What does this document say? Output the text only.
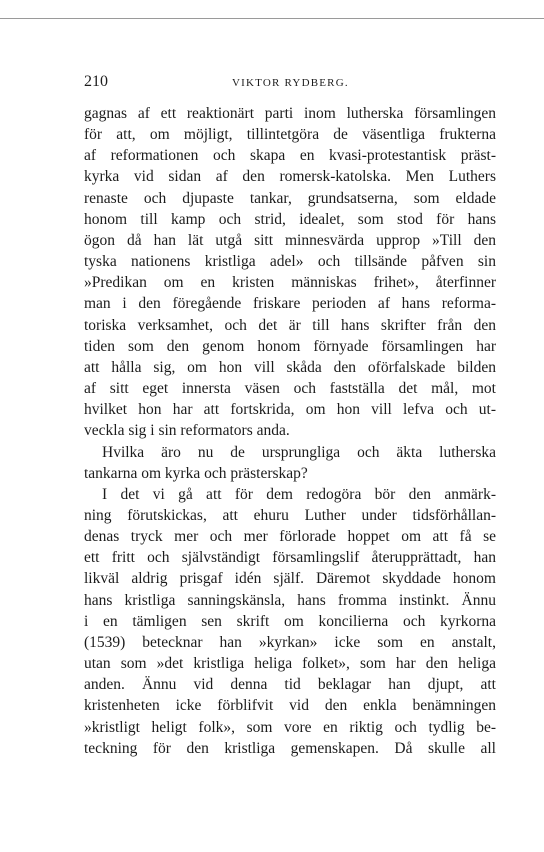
210	VIKTOR RYDBERG.
gagnas af ett reaktionärt parti inom lutherska församlingen
för att, om möjligt, tillintetgöra de väsentliga frukterna
af reformationen och skapa en kvasi-protestantisk präst-
kyrka vid sidan af den romersk-katolska. Men Luthers
renaste och djupaste tankar, grundsatserna, som eldade
honom till kamp och strid, idealet, som stod för hans
ögon då han lät utgå sitt minnesvärda upprop »Till den
tyska nationens kristliga adel» och tillsände påfven sin
»Predikan om en kristen människas frihet», återfinner
man i den föregående friskare perioden af hans reforma-
toriska verksamhet, och det är till hans skrifter från den
tiden som den genom honom förnyade församlingen har
att hålla sig, om hon vill skåda den oförfalskade bilden
af sitt eget innersta väsen och fastställa det mål, mot
hvilket hon har att fortskrida, om hon vill lefva och ut-
veckla sig i sin reformators anda.
Hvilka äro nu de ursprungliga och äkta lutherska
tankarna om kyrka och prästerskap?
I det vi gå att för dem redogöra bör den anmärk-
ning förutskickas, att ehuru Luther under tidsförhållan-
denas tryck mer och mer förlorade hoppet om att få se
ett fritt och självständigt församlingslif återupprättadt, han
likväl aldrig prisgaf idén själf. Däremot skyddade honom
hans kristliga sanningskänsla, hans fromma instinkt. Ännu
i en tämligen sen skrift om koncilierna och kyrkorna
(1539) betecknar han »kyrkan» icke som en anstalt,
utan som »det kristliga heliga folket», som har den heliga
anden. Ännu vid denna tid beklagar han djupt, att
kristenheten icke förblifvit vid den enkla benämningen
»kristligt heligt folk», som vore en riktig och tydlig be-
teckning för den kristliga gemenskapen. Då skulle all
